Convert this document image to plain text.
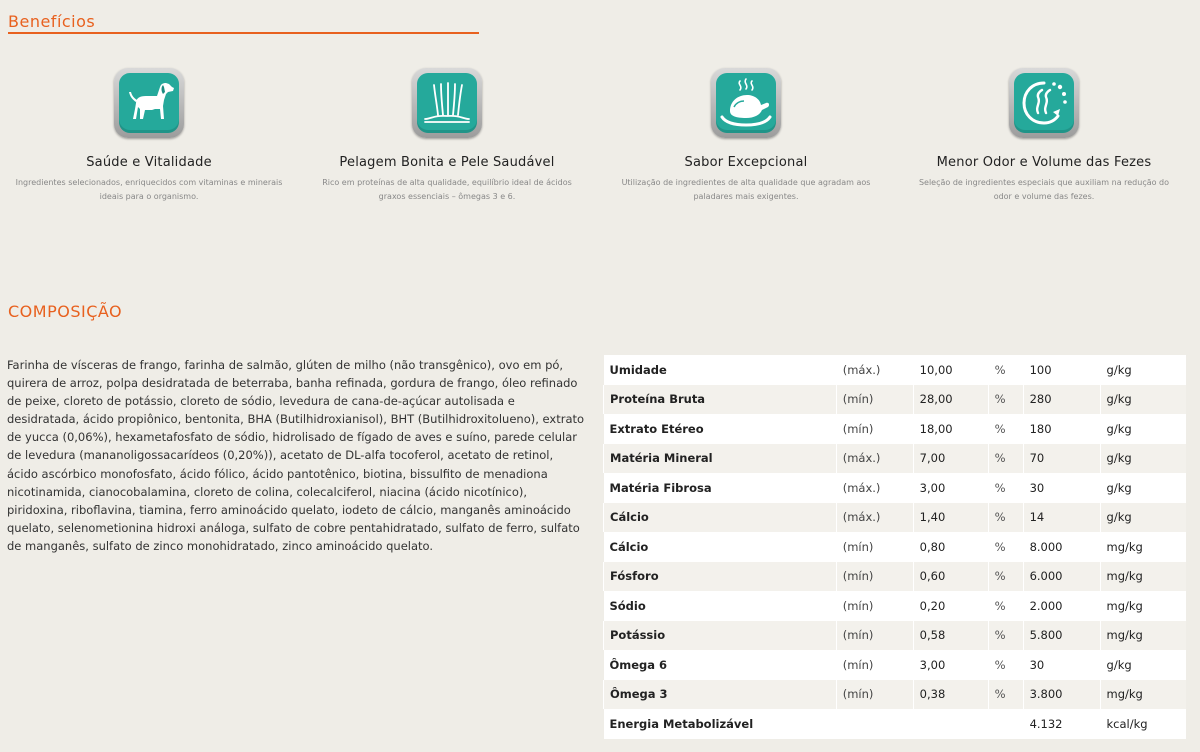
Benefícios
Saúde e Vitalidade
Ingredientes selecionados, enriquecidos com vitaminas e minerais ideais para o organismo.
Pelagem Bonita e Pele Saudável
Rico em proteínas de alta qualidade, equilíbrio ideal de ácidos graxos essenciais – ômegas 3 e 6.
Sabor Excepcional
Utilização de ingredientes de alta qualidade que agradam aos paladares mais exigentes.
Menor Odor e Volume das Fezes
Seleção de ingredientes especiais que auxiliam na redução do odor e volume das fezes.
COMPOSIÇÃO
Farinha de vísceras de frango, farinha de salmão, glúten de milho (não transgênico), ovo em pó, quirera de arroz, polpa desidratada de beterraba, banha refinada, gordura de frango, óleo refinado de peixe, cloreto de potássio, cloreto de sódio, levedura de cana-de-açúcar autolisada e desidratada, ácido propiônico, bentonita, BHA (Butilhidroxianisol), BHT (Butilhidroxitolueno), extrato de yucca (0,06%), hexametafosfato de sódio, hidrolisado de fígado de aves e suíno, parede celular de levedura (mananoligossacarídeos (0,20%)), acetato de DL-alfa tocoferol, acetato de retinol, ácido ascórbico monofosfato, ácido fólico, ácido pantotênico, biotina, bissulfito de menadiona nicotinamida, cianocobalamina, cloreto de colina, colecalciferol, niacina (ácido nicotínico), piridoxina, riboflavina, tiamina, ferro aminoácido quelato, iodeto de cálcio, manganês aminoácido quelato, selenometionina hidroxi análoga, sulfato de cobre pentahidratado, sulfato de ferro, sulfato de manganês, sulfato de zinco monohidratado, zinco aminoácido quelato.
Umidade	(máx.)	10,00	%	100	g/kg
Proteína Bruta	(mín)	28,00	%	280	g/kg
Extrato Etéreo	(mín)	18,00	%	180	g/kg
Matéria Mineral	(máx.)	7,00	%	70	g/kg
Matéria Fibrosa	(máx.)	3,00	%	30	g/kg
Cálcio	(máx.)	1,40	%	14	g/kg
Cálcio	(mín)	0,80	%	8.000	mg/kg
Fósforo	(mín)	0,60	%	6.000	mg/kg
Sódio	(mín)	0,20	%	2.000	mg/kg
Potássio	(mín)	0,58	%	5.800	mg/kg
Ômega 6	(mín)	3,00	%	30	g/kg
Ômega 3	(mín)	0,38	%	3.800	mg/kg
Energia Metabolizável				4.132	kcal/kg
